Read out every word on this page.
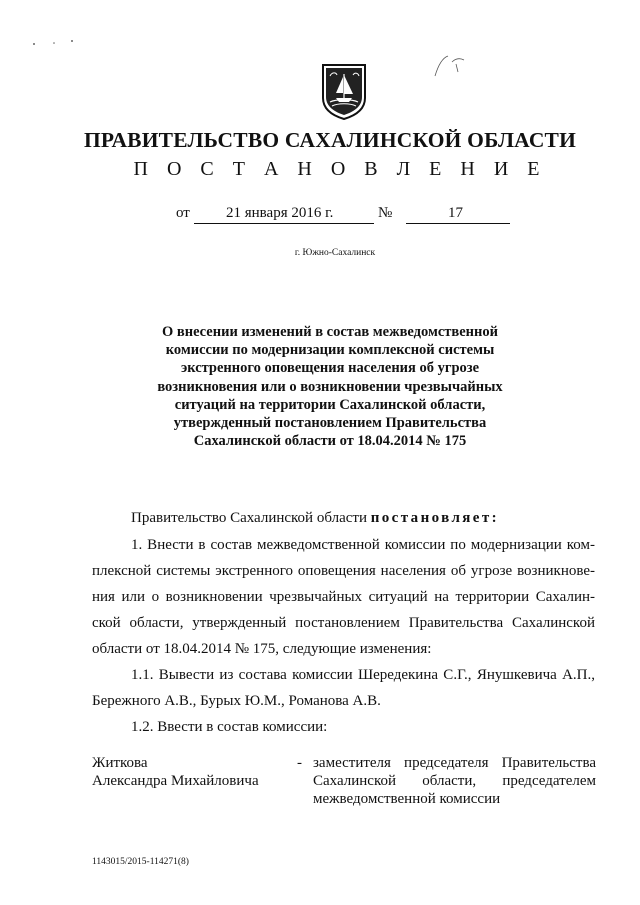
ПРАВИТЕЛЬСТВО САХАЛИНСКОЙ ОБЛАСТИ
П О С Т А Н О В Л Е Н И Е
от 21 января 2016 г.	№	17
г. Южно-Сахалинск
О внесении изменений в состав межведомственной
комиссии по модернизации комплексной системы
экстренного оповещения населения об угрозе
возникновения или о возникновении чрезвычайных
ситуаций на территории Сахалинской области,
утвержденный постановлением Правительства
Сахалинской области от 18.04.2014 № 175
Правительство Сахалинской области постановляет:
1. Внести в состав межведомственной комиссии по модернизации ком-
плексной системы экстренного оповещения населения об угрозе возникнове-
ния или о возникновении чрезвычайных ситуаций на территории Сахалин-
ской области, утвержденный постановлением Правительства Сахалинской
области от 18.04.2014 № 175, следующие изменения:
1.1. Вывести из состава комиссии Шередекина С.Г., Янушкевича А.П.,
Бережного А.В., Бурых Ю.М., Романова А.В.
1.2. Ввести в состав комиссии:
Житкова
Александра Михайловича
- заместителя председателя Правительства
Сахалинской области, председателем
межведомственной комиссии
1143015/2015-114271(8)
